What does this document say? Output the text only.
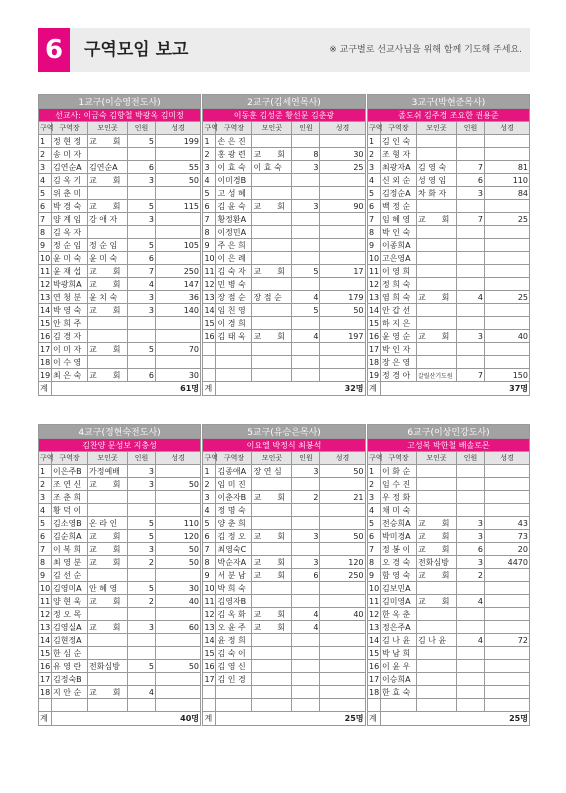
6	구역모임 보고	※ 교구별로 선교사님을 위해 함께 기도해 주세요.
1교구(이승영전도사)				
선교사: 이금숙 김향철 박광옥 김미정				
구역	구역장	모인곳	인원	성경
1	정 현 정	교　　회	5	199
2	송 미 자			
3	김연순A	김연순A	6	55
4	김 옥 기	교　　회	3	50
5	위 춘 미			
6	박 경 숙	교　　회	5	115
7	양 계 임	강 애 자	3	
8	김 옥 자			
9	정 순 임	정 순 임	5	105
10	윤 미 숙	윤 미 숙	6	
11	윤 재 섭	교　　회	7	250
12	박광희A	교　　회	4	147
13	연 청 분	윤 치 숙	3	36
14	박 영 숙	교　　회	3	140
15	안 희 주			
16	김 경 자			
17	이 미 자	교　　회	5	70
18	이 수 영			
19	최 은 숙	교　　회	6	30
계	61명			
2교구(김세연목사)				
이동훈 김성준 황선문 김춘광				
구역	구역장	모인곳	인원	성경
1	손 은 진			
2	홍 광 련	교　　회	8	30
3	이 효 숙	이 효 숙	3	25
4	이미경B			
5	고 성 혜			
6	김 윤 숙	교　　회	3	90
7	황정환A			
8	이정민A			
9	주 은 희			
10	이 은 례			
11	김 숙 자	교　　회	5	17
12	민 병 숙			
13	장 점 순	장 점 순	4	179
14	임 친 영		5	50
15	이 경 희			
16	김 태 욱	교　　회	4	197

계	32명			
3교구(박현준목사)				
졸도쉬 김주경 조요한 권용준				
구역	구역장	모인곳	인원	성경
1	김 인 숙			
2	조 형 자			
3	최광자A	김 영 숙	7	81
4	신 외 순	성 영 임	6	110
5	김정순A	차 화 자	3	84
6	백 정 순			
7	임 혜 영	교　　회	7	25
8	박 인 숙			
9	이종희A			
10	고은영A			
11	이 영 희			
12	정 희 숙			
13	염 희 숙	교　　회	4	25
14	안 갑 선			
15	하 지 은			
16	윤 영 순	교　　회	3	40
17	박 인 자			
18	장 은 영			
19	정 경 아	갈릴산기도원	7	150
계	37명			
4교구(정현숙전도사)				
김찬양 문성보 지충성				
구역	구역장	모인곳	인원	성경
1	이은주B	가정예배	3	
2	조 연 신	교　　회	3	50
3	조 춘 희			
4	황 덕 이			
5	김소영B	온 라 인	5	110
6	김순희A	교　　회	5	120
7	이 복 희	교　　회	3	50
8	최 영 분	교　　회	2	50
9	김 선 순			
10	김영미A	안 혜 영	5	30
11	양 현 욱	교　　회	2	40
12	정 오 목			
13	김영실A	교　　회	3	60
14	김현정A			
15	한 심 순			
16	유 영 란	전화심방	5	50
17	김정숙B			
18	지 안 순	교　　회	4	

계	40명			
5교구(유승은목사)				
이요엘 박정식 최봉석				
구역	구역장	모인곳	인원	성경
1	김종애A	장 연 심	3	50
2	임 미 진			
3	이춘자B	교　　회	2	21
4	정 명 숙			
5	양 춘 희			
6	김 정 오	교　　회	3	50
7	최영숙C			
8	박순자A	교　　회	3	120
9	서 분 남	교　　회	6	250
10	박 희 숙			
11	김영자B			
12	김 옥 화	교　　회	4	40
13	오 윤 주	교　　회	4	
14	윤 정 희			
15	김 숙 이			
16	김 영 신			
17	김 인 경			

계	25명			
6교구(이상민강도사)				
고성복 박한철 배솔로몬				
구역	구역장	모인곳	인원	성경
1	이 화 순			
2	임 수 진			
3	우 정 화			
4	채 미 숙			
5	전승희A	교　　회	3	43
6	박미경A	교　　회	3	73
7	정 봉 이	교　　회	6	20
8	오 경 숙	전화심방	3	4470
9	함 영 숙	교　　회	2	
10	김보민A			
11	김미영A	교　　회	4	
12	한 옥 춘			
13	정은주A			
14	김 나 윤	김 나 윤	4	72
15	박 남 희			
16	이 윤 우			
17	이승희A			
18	한 효 숙			

계	25명			
